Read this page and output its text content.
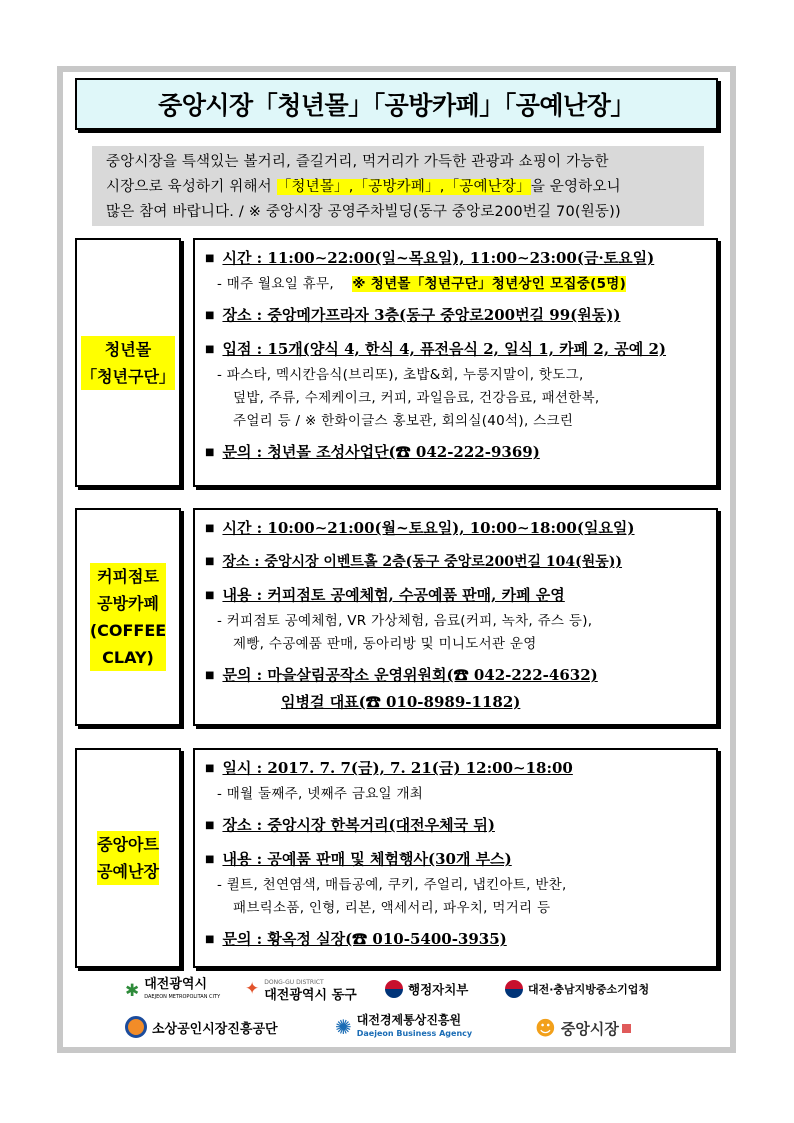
중앙시장「청년몰」「공방카페」「공예난장」
중앙시장을 특색있는 볼거리, 즐길거리, 먹거리가 가득한 관광과 쇼핑이 가능한
시장으로 육성하기 위해서 「청년몰」,「공방카페」,「공예난장」을 운영하오니
많은 참여 바랍니다. / ※ 중앙시장 공영주차빌딩(동구 중앙로200번길 70(원동))
청년몰
「청년구단」
■ 시간 : 11:00∼22:00(일~목요일), 11:00∼23:00(금·토요일)
- 매주 월요일 휴무, ※ 청년몰「청년구단」청년상인 모집중(5명)
■ 장소 : 중앙메가프라자 3층(동구 중앙로200번길 99(원동))
■ 입점 : 15개(양식 4, 한식 4, 퓨전음식 2, 일식 1, 카페 2, 공예 2)
- 파스타, 멕시칸음식(브리또), 초밥&회, 누룽지말이, 핫도그,
덮밥, 주류, 수제케이크, 커피, 과일음료, 건강음료, 패션한복,
주얼리 등 / ※ 한화이글스 홍보관, 회의실(40석), 스크린
■ 문의 : 청년몰 조성사업단(☎ 042-222-9369)
커피점토
공방카페
(COFFEE
CLAY)
■ 시간 : 10:00∼21:00(월~토요일), 10:00∼18:00(일요일)
■ 장소 : 중앙시장 이벤트홀 2층(동구 중앙로200번길 104(원동))
■ 내용 : 커피점토 공예체험, 수공예품 판매, 카페 운영
- 커피점토 공예체험, VR 가상체험, 음료(커피, 녹차, 쥬스 등),
제빵, 수공예품 판매, 동아리방 및 미니도서관 운영
■ 문의 : 마을살림공작소 운영위원회(☎ 042-222-4632)
임병걸 대표(☎ 010-8989-1182)
중앙아트
공예난장
■ 일시 : 2017. 7. 7(금), 7. 21(금) 12:00∼18:00
- 매월 둘째주, 넷째주 금요일 개최
■ 장소 : 중앙시장 한복거리(대전우체국 뒤)
■ 내용 : 공예품 판매 및 체험행사(30개 부스)
- 퀼트, 천연염색, 매듭공예, 쿠키, 주얼리, 냅킨아트, 반찬,
패브릭소품, 인형, 리본, 액세서리, 파우치, 먹거리 등
■ 문의 : 황옥정 실장(☎ 010-5400-3935)
✱ 대전광역시
DAEJEON METROPOLITAN CITY ✦ DONG-GU DISTRICT
대전광역시 동구	행정자치부	대전·충남지방중소기업청
소상공인시장진흥공단	✺ 대전경제통상진흥원
Daejeon Business Agency	☻ 중앙시장
